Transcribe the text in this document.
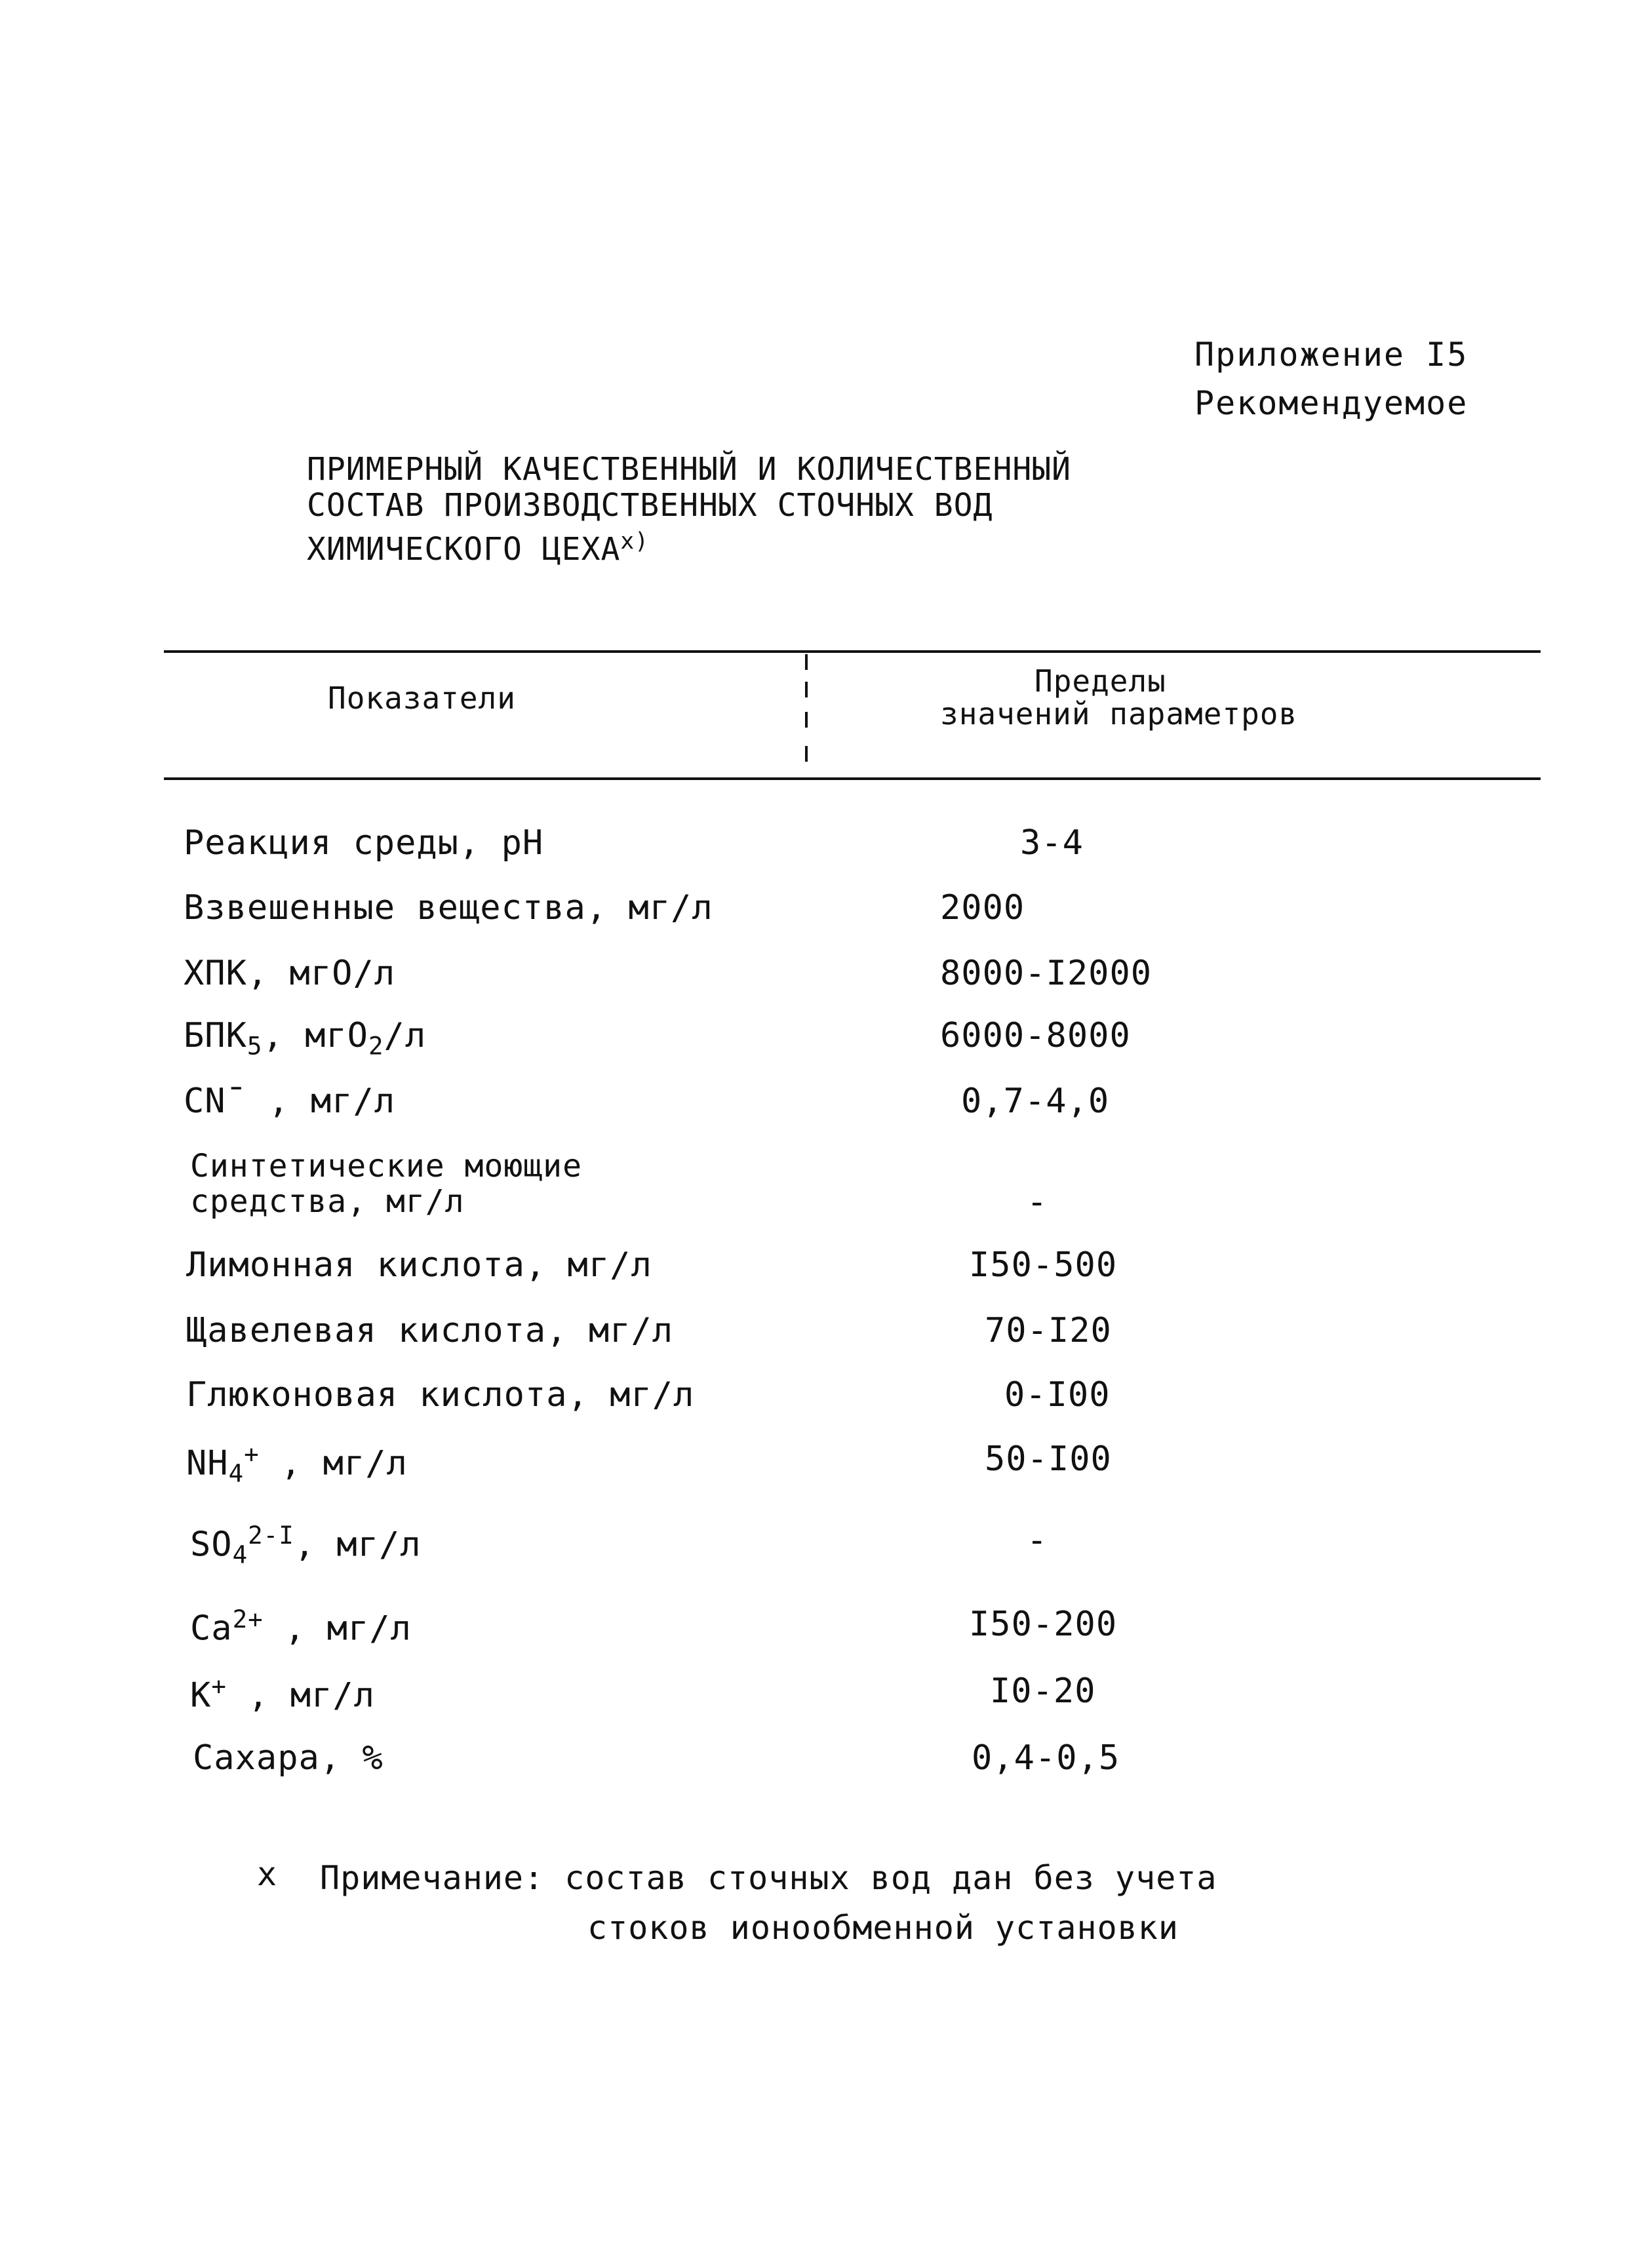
Приложение I5
Рекомендуемое
ПРИМЕРНЫЙ КАЧЕСТВЕННЫЙ И КОЛИЧЕСТВЕННЫЙ
СОСТАВ ПРОИЗВОДСТВЕННЫХ СТОЧНЫХ ВОД
ХИМИЧЕСКОГО $ЦЕХА^{х)}$
Показатели	Пределы
значений параметров
Реакция среды, pH	3-4
Взвешенные вещества, мг/л	2000
ХПК, мгО/л	8000-I2000
$БПК_5$, мгО$_2$/л	6000-8000
CN¯ , мг/л	0,7-4,0
Синтетические моющие
средства, мг/л	-
Лимонная кислота, мг/л	I50-500
Щавелевая кислота, мг/л	70-I20
Глюконовая кислота, мг/л	0-I00
$NH_4^+$ , мг/л	50-I00
$SO_4^{2-I}$, мг/л	-
$Ca^{2+}$ , мг/л	I50-200
K+ , мг/л	I0-20
Сахара, %	0,4-0,5
х Примечание: состав сточных вод дан без учета
стоков ионообменной установки
